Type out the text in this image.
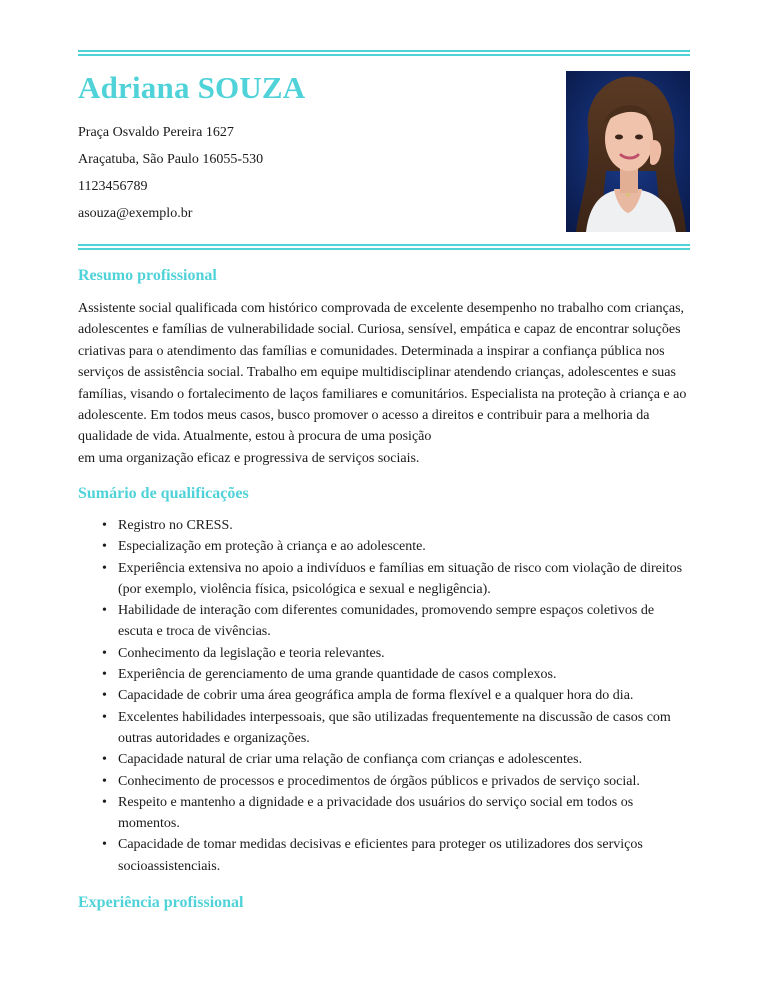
Adriana SOUZA
Praça Osvaldo Pereira 1627
Araçatuba, São Paulo 16055-530
1123456789
asouza@exemplo.br
Resumo profissional

Assistente social qualificada com histórico comprovada de excelente desempenho no trabalho com crianças,

adolescentes e famílias de vulnerabilidade social. Curiosa, sensível, empática e capaz de encontrar soluções

criativas para o atendimento das famílias e comunidades. Determinada a inspirar a confiança pública nos

serviços de assistência social. Trabalho em equipe multidisciplinar atendendo crianças, adolescentes e suas

famílias, visando o fortalecimento de laços familiares e comunitários. Especialista na proteção à criança e ao

adolescente. Em todos meus casos, busco promover o acesso a direitos e contribuir para a melhoria da

qualidade de vida. Atualmente, estou à procura de uma posição

em uma organização eficaz e progressiva de serviços sociais.

Sumário de qualificações
• Registro no CRESS.
• Especialização em proteção à criança e ao adolescente.
• Experiência extensiva no apoio a indivíduos e famílias em situação de risco com violação de direitos (por exemplo, violência física, psicológica e sexual e negligência).
• Habilidade de interação com diferentes comunidades, promovendo sempre espaços coletivos de escuta e troca de vivências.
• Conhecimento da legislação e teoria relevantes.
• Experiência de gerenciamento de uma grande quantidade de casos complexos.
• Capacidade de cobrir uma área geográfica ampla de forma flexível e a qualquer hora do dia.
• Excelentes habilidades interpessoais, que são utilizadas frequentemente na discussão de casos com outras autoridades e organizações.
• Capacidade natural de criar uma relação de confiança com crianças e adolescentes.
• Conhecimento de processos e procedimentos de órgãos públicos e privados de serviço social.
• Respeito e mantenho a dignidade e a privacidade dos usuários do serviço social em todos os momentos.
• Capacidade de tomar medidas decisivas e eficientes para proteger os utilizadores dos serviços socioassistenciais.
Experiência profissional
